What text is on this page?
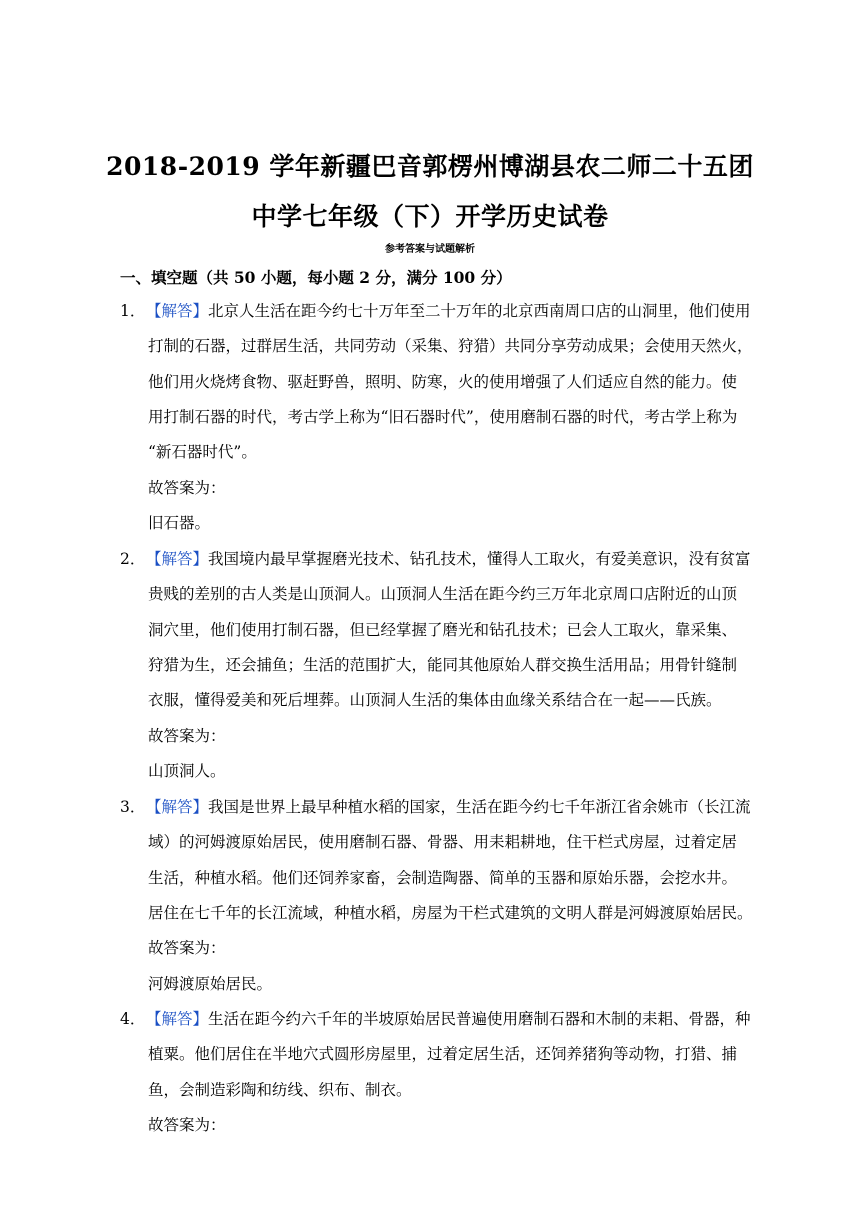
2018-2019 学年新疆巴音郭楞州博湖县农二师二十五团
中学七年级（下）开学历史试卷
参考答案与试题解析
一、填空题（共 50 小题，每小题 2 分，满分 100 分）
1． 【解答】北京人生活在距今约七十万年至二十万年的北京西南周口店的山洞里，他们使用
打制的石器，过群居生活，共同劳动（采集、狩猎）共同分享劳动成果；会使用天然火，
他们用火烧烤食物、驱赶野兽，照明、防寒，火的使用增强了人们适应自然的能力。使
用打制石器的时代，考古学上称为“旧石器时代”，使用磨制石器的时代，考古学上称为
“新石器时代”。
故答案为：
旧石器。
2． 【解答】我国境内最早掌握磨光技术、钻孔技术，懂得人工取火，有爱美意识，没有贫富
贵贱的差别的古人类是山顶洞人。山顶洞人生活在距今约三万年北京周口店附近的山顶
洞穴里，他们使用打制石器，但已经掌握了磨光和钻孔技术；已会人工取火，靠采集、
狩猎为生，还会捕鱼；生活的范围扩大，能同其他原始人群交换生活用品；用骨针缝制
衣服，懂得爱美和死后埋葬。山顶洞人生活的集体由血缘关系结合在一起——氏族。
故答案为：
山顶洞人。
3． 【解答】我国是世界上最早种植水稻的国家，生活在距今约七千年浙江省余姚市（长江流
域）的河姆渡原始居民，使用磨制石器、骨器、用耒耜耕地，住干栏式房屋，过着定居
生活，种植水稻。他们还饲养家畜，会制造陶器、简单的玉器和原始乐器，会挖水井。
居住在七千年的长江流域，种植水稻，房屋为干栏式建筑的文明人群是河姆渡原始居民。
故答案为：
河姆渡原始居民。
4． 【解答】生活在距今约六千年的半坡原始居民普遍使用磨制石器和木制的耒耜、骨器，种
植粟。他们居住在半地穴式圆形房屋里，过着定居生活，还饲养猪狗等动物，打猎、捕
鱼，会制造彩陶和纺线、织布、制衣。
故答案为：
